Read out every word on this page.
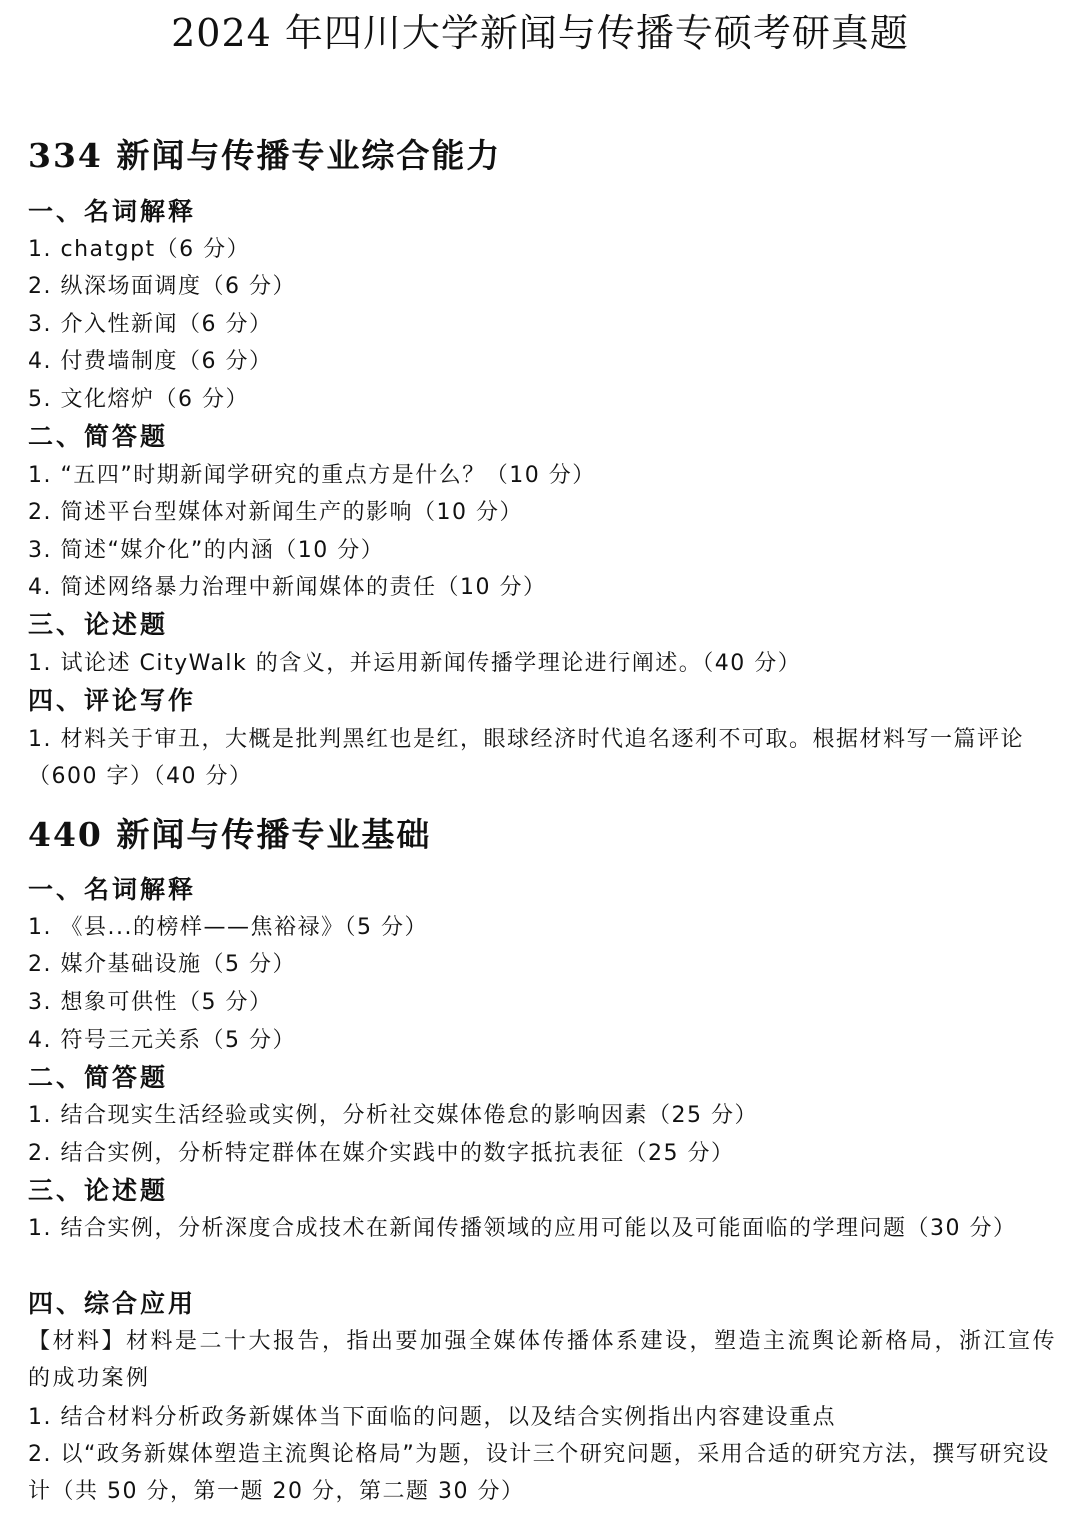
2024 年四川大学新闻与传播专硕考研真题
334 新闻与传播专业综合能力
一、名词解释

1. chatgpt（6 分）

2. 纵深场面调度（6 分）

3. 介入性新闻（6 分）

4. 付费墙制度（6 分）

5. 文化熔炉（6 分）

二、简答题

1. “五四”时期新闻学研究的重点方是什么？（10 分）

2. 简述平台型媒体对新闻生产的影响（10 分）

3. 简述“媒介化”的内涵（10 分）

4. 简述网络暴力治理中新闻媒体的责任（10 分）

三、论述题

1. 试论述 CityWalk 的含义，并运用新闻传播学理论进行阐述。（40 分）

四、评论写作

1. 材料关于审丑，大概是批判黑红也是红，眼球经济时代追名逐利不可取。根据材料写一篇评论（600 字）（40 分）

440 新闻与传播专业基础
一、名词解释

1. 《县...的榜样——焦裕禄》（5 分）

2. 媒介基础设施（5 分）

3. 想象可供性（5 分）

4. 符号三元关系（5 分）

二、简答题

1. 结合现实生活经验或实例，分析社交媒体倦怠的影响因素（25 分）

2. 结合实例，分析特定群体在媒介实践中的数字抵抗表征（25 分）

三、论述题

1. 结合实例，分析深度合成技术在新闻传播领域的应用可能以及可能面临的学理问题（30 分）

四、综合应用

【材料】材料是二十大报告，指出要加强全媒体传播体系建设，塑造主流舆论新格局，浙江宣传的成功案例

1. 结合材料分析政务新媒体当下面临的问题，以及结合实例指出内容建设重点

2. 以“政务新媒体塑造主流舆论格局”为题，设计三个研究问题，采用合适的研究方法，撰写研究设计（共 50 分，第一题 20 分，第二题 30 分）
